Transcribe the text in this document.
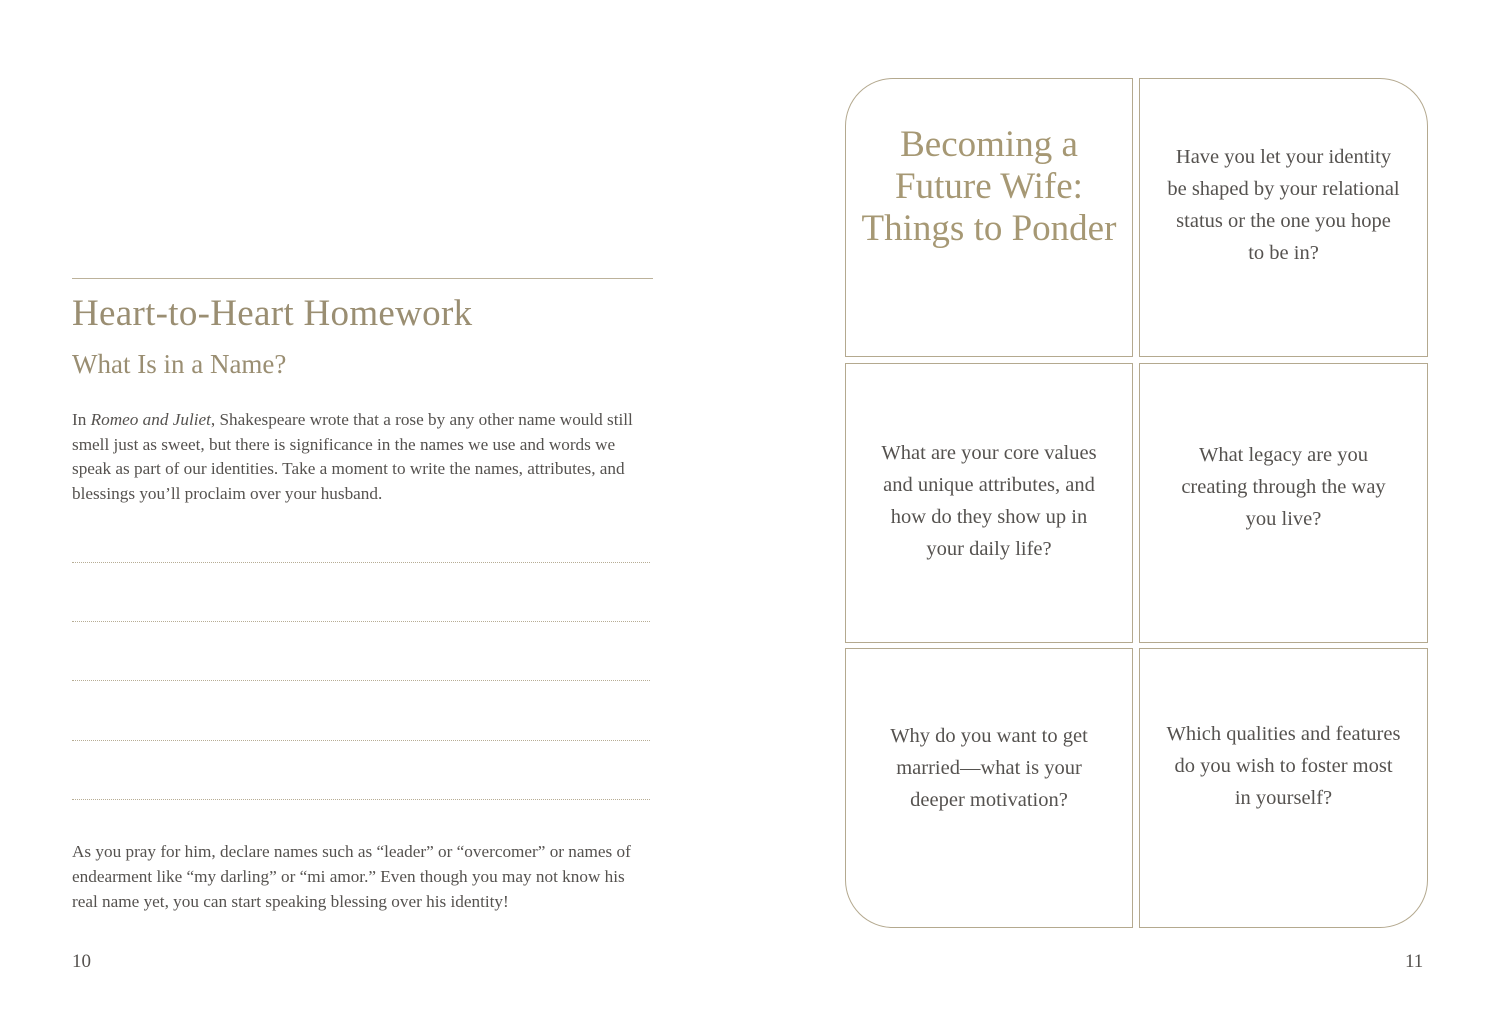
Heart-to-Heart Homework
What Is in a Name?

In Romeo and Juliet, Shakespeare wrote that a rose by any other name would still smell just as sweet, but there is significance in the names we use and words we speak as part of our identities. Take a moment to write the names, attributes, and blessings you’ll proclaim over your husband.

As you pray for him, declare names such as “leader” or “overcomer” or names of endearment like “my darling” or “mi amor.” Even though you may not know his real name yet, you can start speaking blessing over his identity!

10
Becoming a Future Wife: Things to Ponder
Have you let your identity be shaped by your relational status or the one you hope to be in?
What are your core values and unique attributes, and how do they show up in your daily life?
What legacy are you creating through the way you live?
Why do you want to get married—what is your deeper motivation?
Which qualities and features do you wish to foster most in yourself?
11
